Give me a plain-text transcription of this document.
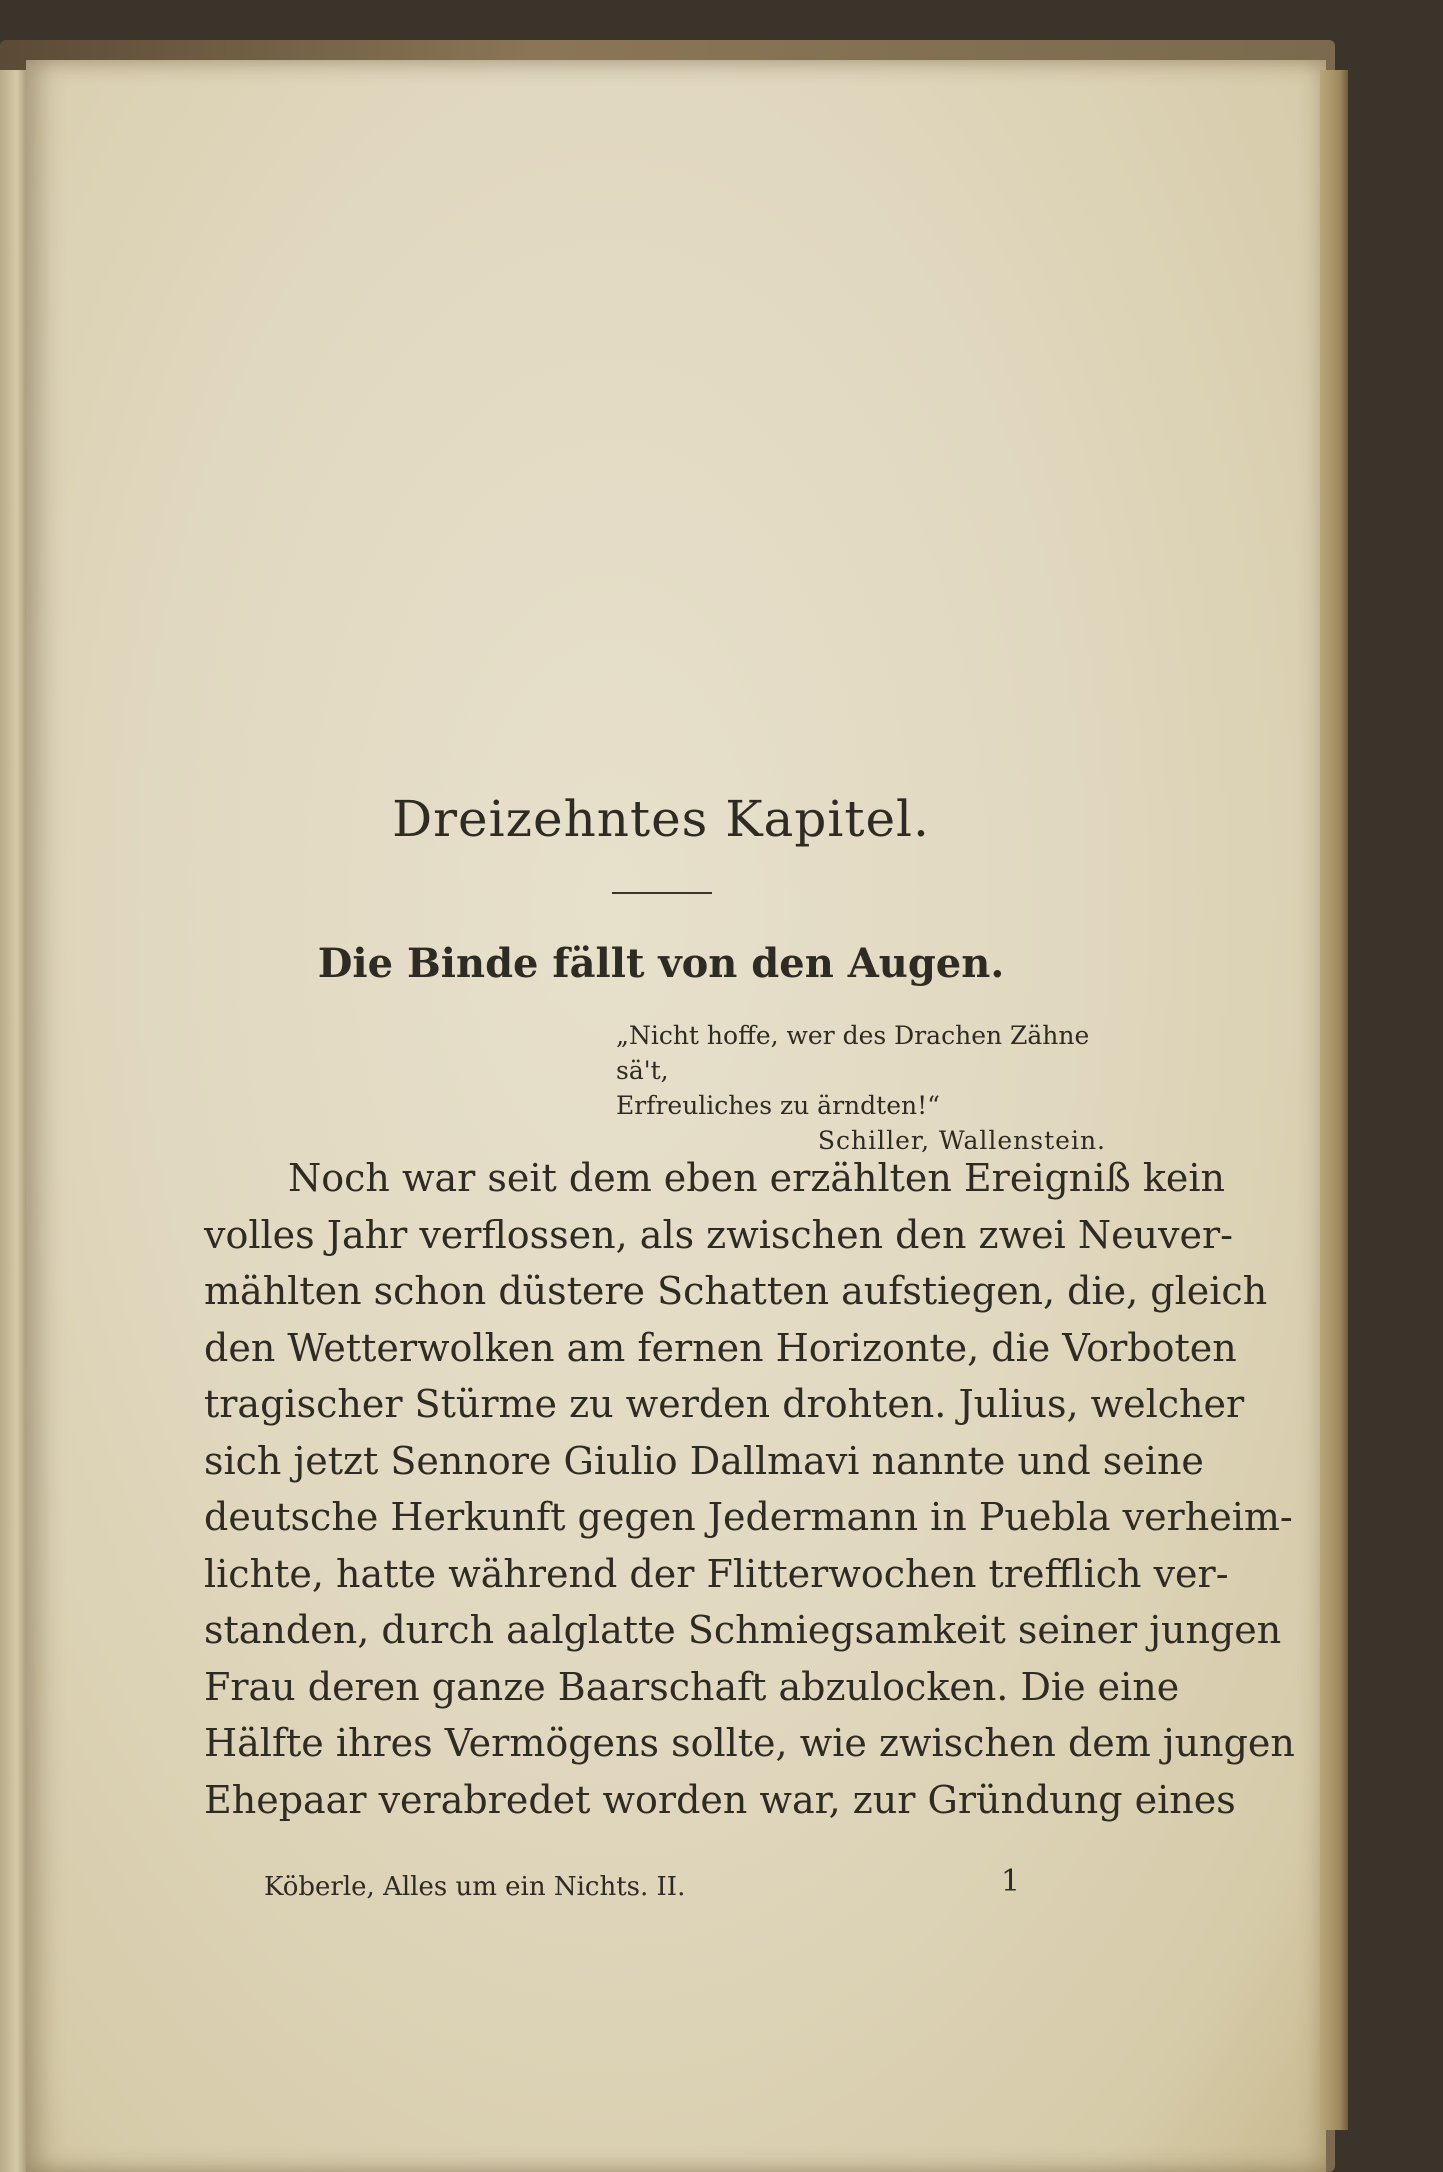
Dreizehntes Kapitel.
Die Binde fällt von den Augen.
„Nicht hoffe, wer des Drachen Zähne sä't,
Erfreuliches zu ärndten!“
Schiller, Wallenstein.
Noch war seit dem eben erzählten Ereigniß kein
volles Jahr verflossen, als zwischen den zwei Neuver-
mählten schon düstere Schatten aufstiegen, die, gleich
den Wetterwolken am fernen Horizonte, die Vorboten
tragischer Stürme zu werden drohten. Julius, welcher
sich jetzt Sennore Giulio Dallmavi nannte und seine
deutsche Herkunft gegen Jedermann in Puebla verheim-
lichte, hatte während der Flitterwochen trefflich ver-
standen, durch aalglatte Schmiegsamkeit seiner jungen
Frau deren ganze Baarschaft abzulocken. Die eine
Hälfte ihres Vermögens sollte, wie zwischen dem jungen
Ehepaar verabredet worden war, zur Gründung eines
Köberle, Alles um ein Nichts. II.	1
